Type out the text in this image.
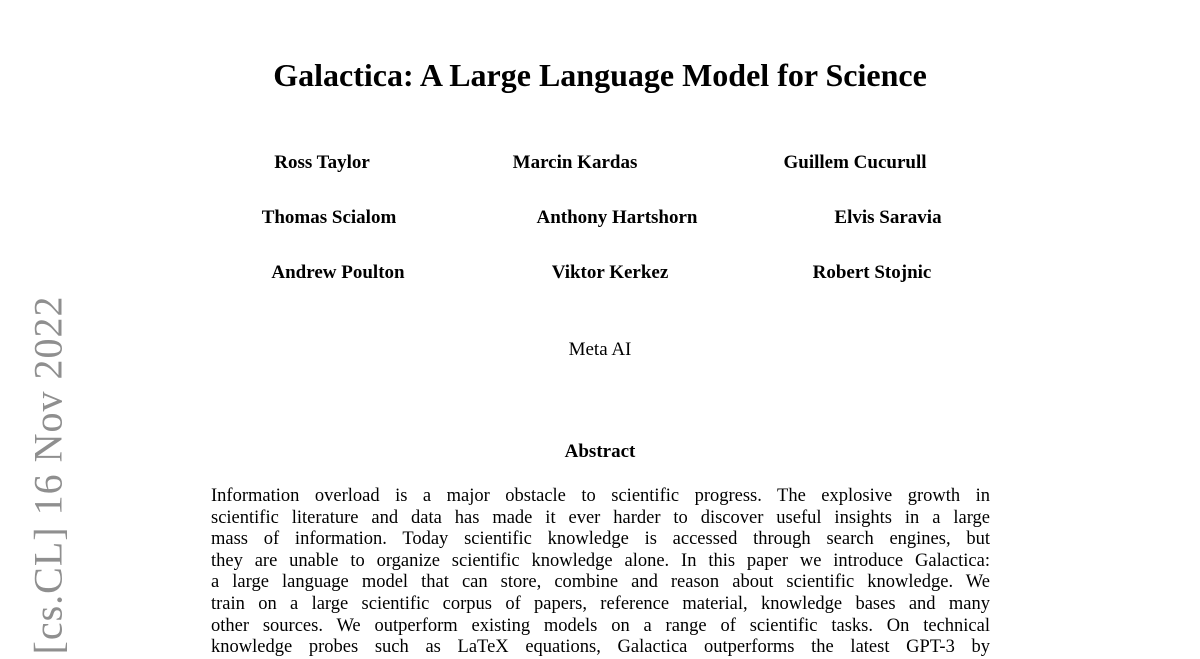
[cs.CL] 16 Nov 2022
Galactica: A Large Language Model for Science
Ross Taylor	Marcin Kardas	Guillem Cucurull
Thomas Scialom	Anthony Hartshorn	Elvis Saravia
Andrew Poulton	Viktor Kerkez	Robert Stojnic
Meta AI
Abstract
Information overload is a major obstacle to scientific progress. The explosive growth in
scientific literature and data has made it ever harder to discover useful insights in a large
mass of information. Today scientific knowledge is accessed through search engines, but
they are unable to organize scientific knowledge alone. In this paper we introduce Galactica:
a large language model that can store, combine and reason about scientific knowledge. We
train on a large scientific corpus of papers, reference material, knowledge bases and many
other sources. We outperform existing models on a range of scientific tasks. On technical
knowledge probes such as LaTeX equations, Galactica outperforms the latest GPT-3 by
